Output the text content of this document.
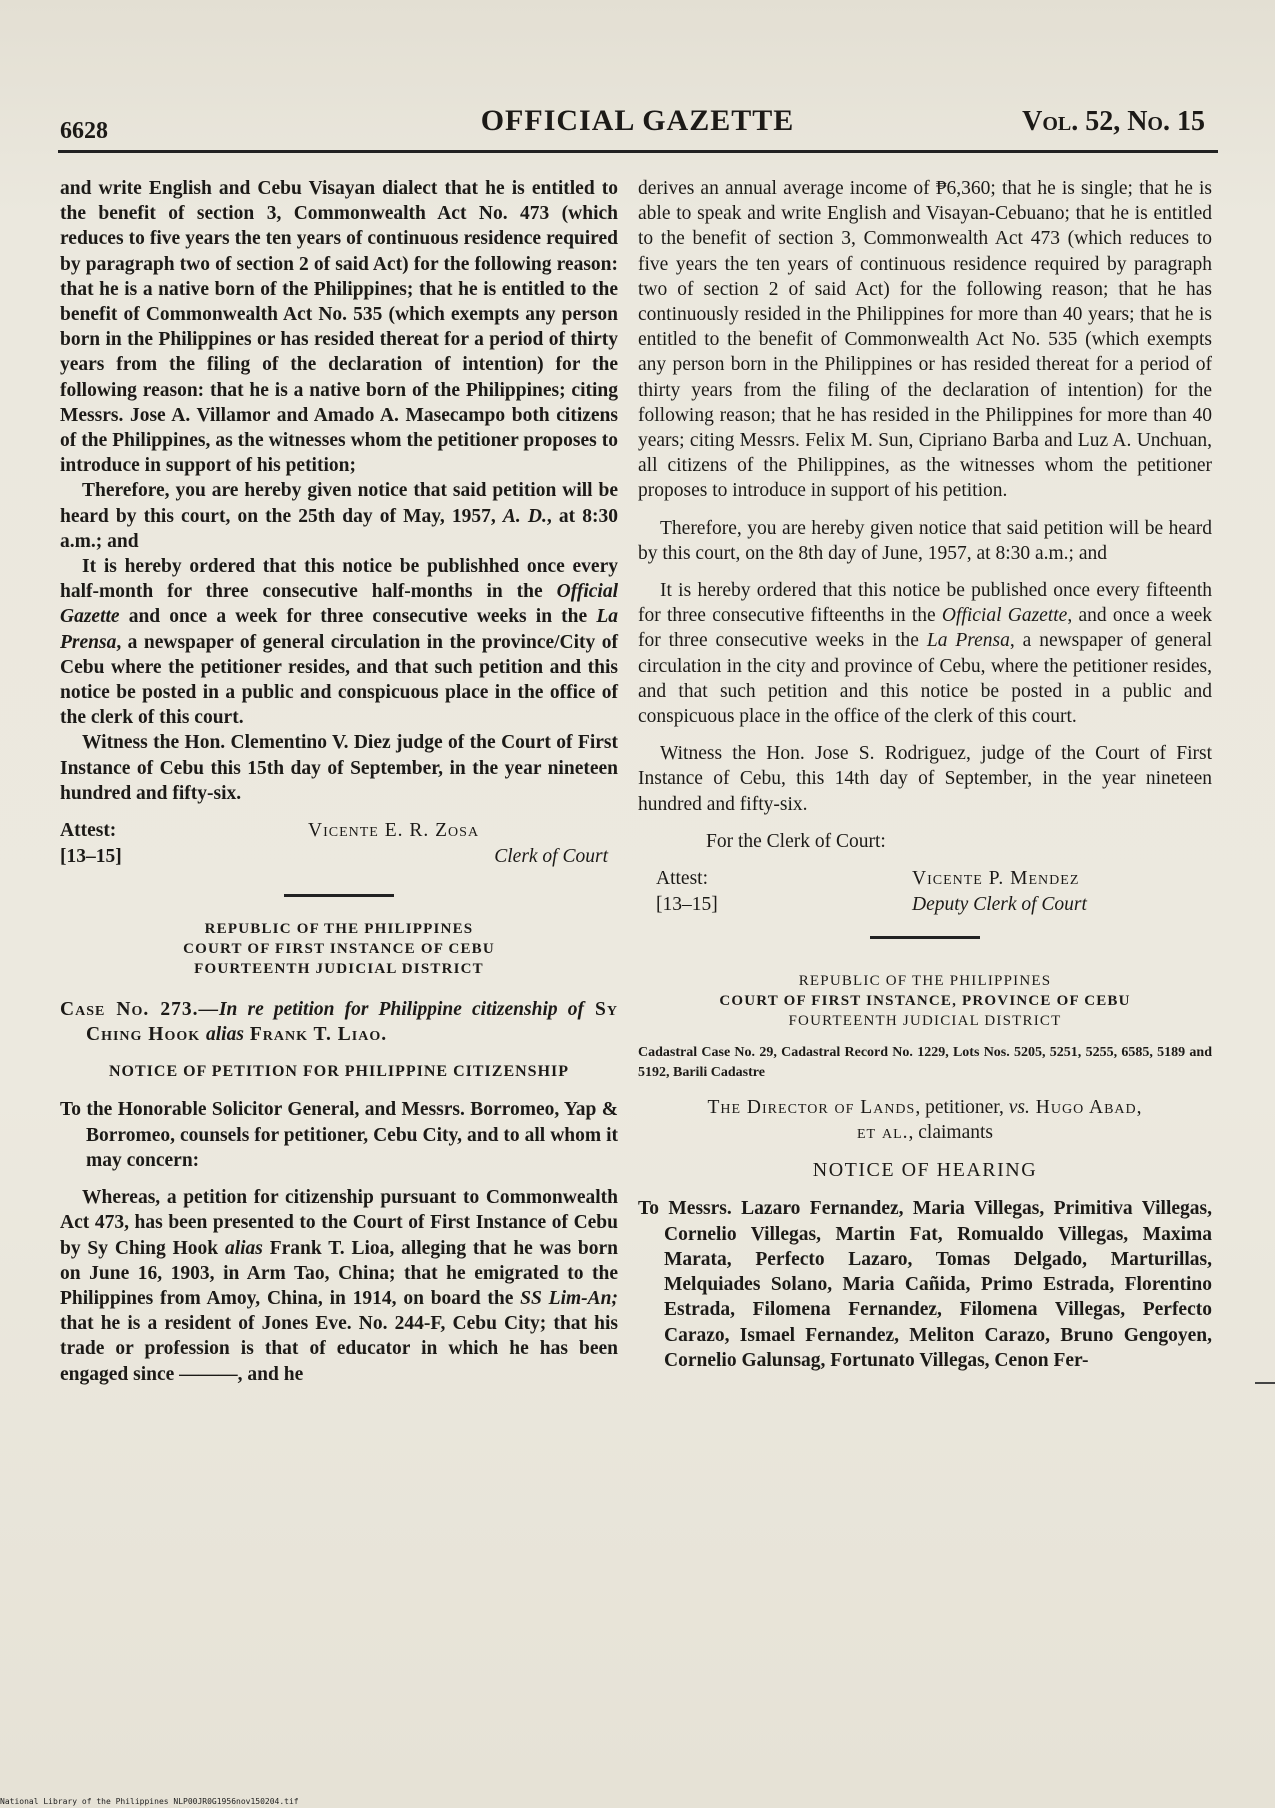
6628	OFFICIAL GAZETTE	Vol. 52, No. 15

and write English and Cebu Visayan dialect that he is entitled to the benefit of section 3, Commonwealth Act No. 473 (which reduces to five years the ten years of continuous residence required by paragraph two of section 2 of said Act) for the following reason: that he is a native born of the Philippines; that he is entitled to the benefit of Commonwealth Act No. 535 (which exempts any person born in the Philippines or has resided thereat for a period of thirty years from the filing of the declaration of intention) for the following reason: that he is a native born of the Philippines; citing Messrs. Jose A. Villamor and Amado A. Masecampo both citizens of the Philippines, as the witnesses whom the petitioner proposes to introduce in support of his petition;

Therefore, you are hereby given notice that said petition will be heard by this court, on the 25th day of May, 1957, A. D., at 8:30 a.m.; and

It is hereby ordered that this notice be publishhed once every half-month for three consecutive half-months in the Official Gazette and once a week for three consecutive weeks in the La Prensa, a newspaper of general circulation in the province/City of Cebu where the petitioner resides, and that such petition and this notice be posted in a public and conspicuous place in the office of the clerk of this court.

Witness the Hon. Clementino V. Diez judge of the Court of First Instance of Cebu this 15th day of September, in the year nineteen hundred and fifty-six.

Attest:
[13–15]
Vicente E. R. Zosa
Clerk of Court
REPUBLIC OF THE PHILIPPINES
COURT OF FIRST INSTANCE OF CEBU
FOURTEENTH JUDICIAL DISTRICT

Case No. 273.—In re petition for Philippine citizenship of Sy Ching Hook alias Frank T. Liao.

NOTICE OF PETITION FOR PHILIPPINE CITIZENSHIP

To the Honorable Solicitor General, and Messrs. Borromeo, Yap & Borromeo, counsels for petitioner, Cebu City, and to all whom it may concern:

Whereas, a petition for citizenship pursuant to Commonwealth Act 473, has been presented to the Court of First Instance of Cebu by Sy Ching Hook alias Frank T. Lioa, alleging that he was born on June 16, 1903, in Arm Tao, China; that he emigrated to the Philippines from Amoy, China, in 1914, on board the SS Lim-An; that he is a resident of Jones Eve. No. 244-F, Cebu City; that his trade or profession is that of educator in which he has been engaged since ———, and he

derives an annual average income of ₱6,360; that he is single; that he is able to speak and write English and Visayan-Cebuano; that he is entitled to the benefit of section 3, Commonwealth Act 473 (which reduces to five years the ten years of continuous residence required by paragraph two of section 2 of said Act) for the following reason; that he has continuously resided in the Philippines for more than 40 years; that he is entitled to the benefit of Commonwealth Act No. 535 (which exempts any person born in the Philippines or has resided thereat for a period of thirty years from the filing of the declaration of intention) for the following reason; that he has resided in the Philippines for more than 40 years; citing Messrs. Felix M. Sun, Cipriano Barba and Luz A. Unchuan, all citizens of the Philippines, as the witnesses whom the petitioner proposes to introduce in support of his petition.

Therefore, you are hereby given notice that said petition will be heard by this court, on the 8th day of June, 1957, at 8:30 a.m.; and

It is hereby ordered that this notice be published once every fifteenth for three consecutive fifteenths in the Official Gazette, and once a week for three consecutive weeks in the La Prensa, a newspaper of general circulation in the city and province of Cebu, where the petitioner resides, and that such petition and this notice be posted in a public and conspicuous place in the office of the clerk of this court.

Witness the Hon. Jose S. Rodriguez, judge of the Court of First Instance of Cebu, this 14th day of September, in the year nineteen hundred and fifty-six.

For the Clerk of Court:

Attest:
[13–15]
Vicente P. Mendez
Deputy Clerk of Court
REPUBLIC OF THE PHILIPPINES
COURT OF FIRST INSTANCE, PROVINCE OF CEBU
FOURTEENTH JUDICIAL DISTRICT

Cadastral Case No. 29, Cadastral Record No. 1229, Lots Nos. 5205, 5251, 5255, 6585, 5189 and 5192, Barili Cadastre

The Director of Lands, petitioner, vs. Hugo Abad,
et al., claimants

NOTICE OF HEARING

To Messrs. Lazaro Fernandez, Maria Villegas, Primitiva Villegas, Cornelio Villegas, Martin Fat, Romualdo Villegas, Maxima Marata, Perfecto Lazaro, Tomas Delgado, Marturillas, Melquiades Solano, Maria Cañida, Primo Estrada, Florentino Estrada, Filomena Fernandez, Filomena Villegas, Perfecto Carazo, Ismael Fernandez, Meliton Carazo, Bruno Gengoyen, Cornelio Galunsag, Fortunato Villegas, Cenon Fer-

National Library of the Philippines NLP00JR0G1956nov150204.tif
